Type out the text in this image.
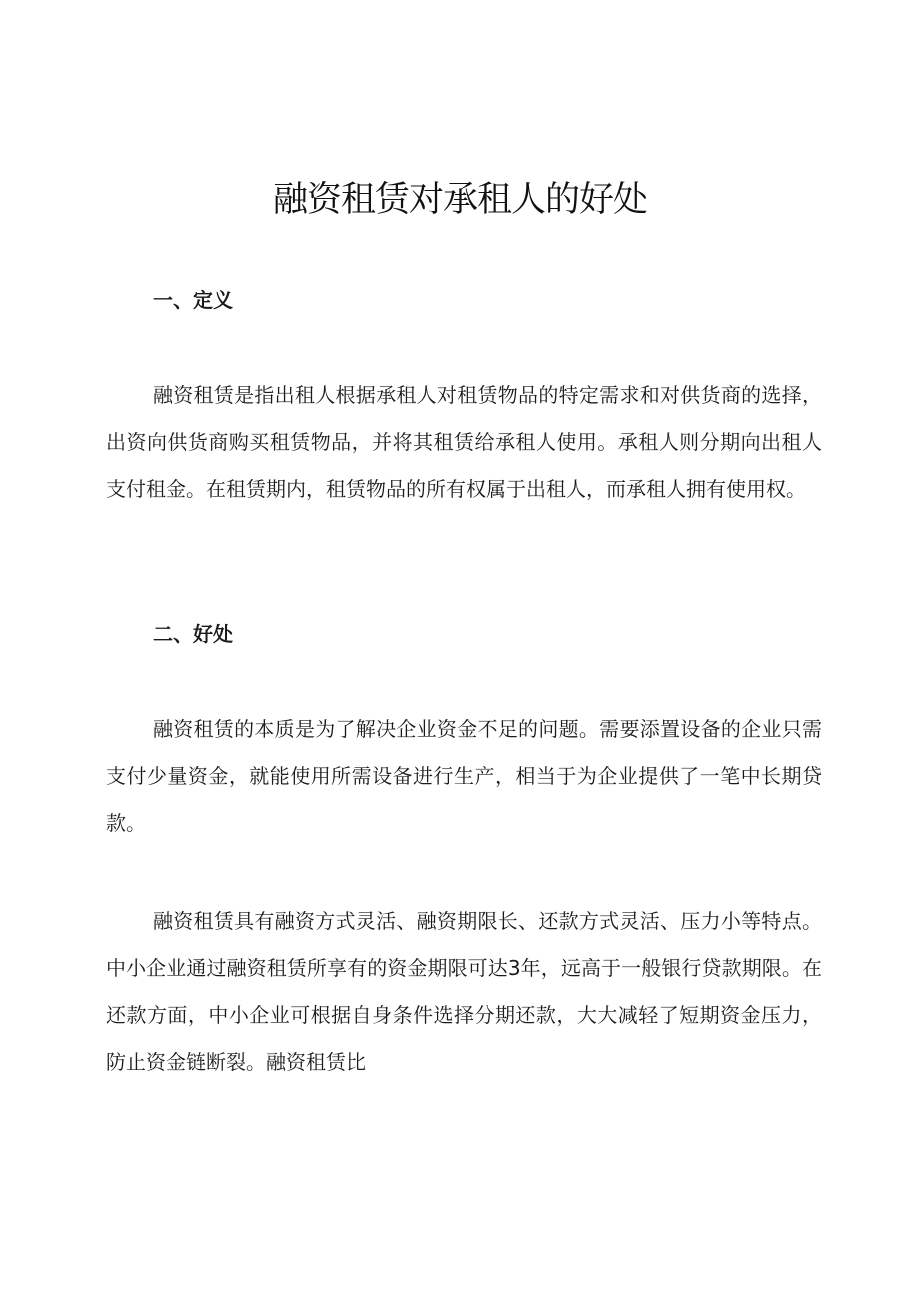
融资租赁对承租人的好处
一、定义

融资租赁是指出租人根据承租人对租赁物品的特定需求和对供货商的选择，出资向供货商购买租赁物品，并将其租赁给承租人使用。承租人则分期向出租人支付租金。在租赁期内，租赁物品的所有权属于出租人，而承租人拥有使用权。

二、好处

融资租赁的本质是为了解决企业资金不足的问题。需要添置设备的企业只需支付少量资金，就能使用所需设备进行生产，相当于为企业提供了一笔中长期贷款。

融资租赁具有融资方式灵活、融资期限长、还款方式灵活、压力小等特点。中小企业通过融资租赁所享有的资金期限可达3年，远高于一般银行贷款期限。在还款方面，中小企业可根据自身条件选择分期还款，大大减轻了短期资金压力，防止资金链断裂。融资租赁比
